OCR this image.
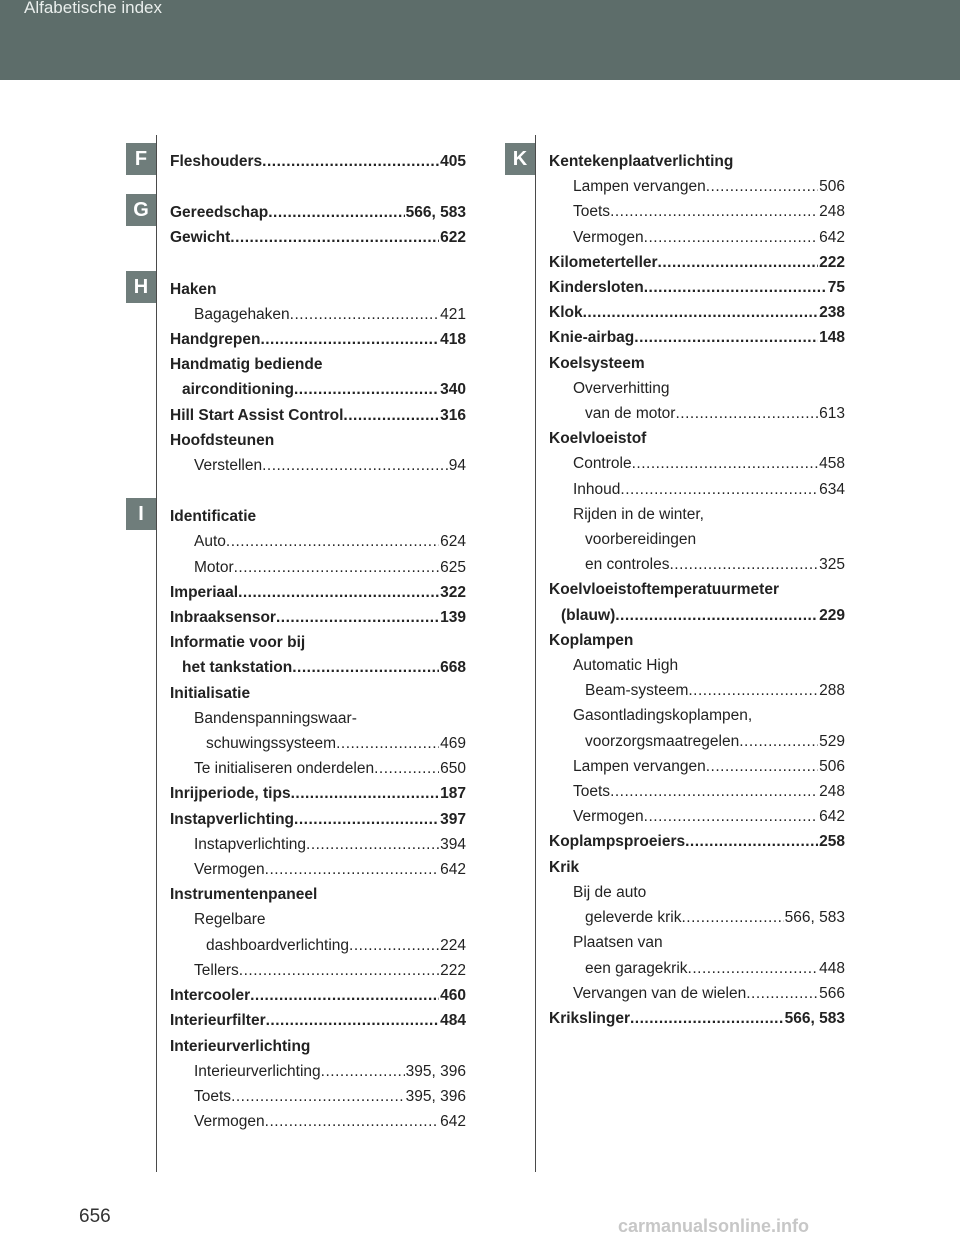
Alfabetische index
Fleshouders .....	405
Gereedschap .....	566, 583
Gewicht .....	622
Haken
Bagagehaken .....	421
Handgrepen .....	418
Handmatig bediende
airconditioning .....	340
Hill Start Assist Control .....	316
Hoofdsteunen
Verstellen .....	94
Identificatie
Auto .....	624
Motor .....	625
Imperiaal .....	322
Inbraaksensor .....	139
Informatie voor bij
het tankstation .....	668
Initialisatie
Bandenspanningswaar-
schuwingssysteem .....	469
Te initialiseren onderdelen .....	650
Inrijperiode, tips .....	187
Instapverlichting .....	397
Instapverlichting .....	394
Vermogen .....	642
Instrumentenpaneel
Regelbare
dashboardverlichting .....	224
Tellers .....	222
Intercooler .....	460
Interieurfilter .....	484
Interieurverlichting
Interieurverlichting .....	395, 396
Toets .....	395, 396
Vermogen .....	642
Kentekenplaatverlichting
Lampen vervangen .....	506
Toets .....	248
Vermogen .....	642
Kilometerteller .....	222
Kindersloten .....	75
Klok .....	238
Knie-airbag .....	148
Koelsysteem
Oververhitting
van de motor .....	613
Koelvloeistof
Controle .....	458
Inhoud .....	634
Rijden in de winter,
voorbereidingen
en controles .....	325
Koelvloeistoftemperatuurmeter
(blauw) .....	229
Koplampen
Automatic High
Beam-systeem .....	288
Gasontladingskoplampen,
voorzorgsmaatregelen .....	529
Lampen vervangen .....	506
Toets .....	248
Vermogen .....	642
Koplampsproeiers .....	258
Krik
Bij de auto
geleverde krik .....	566, 583
Plaatsen van
een garagekrik .....	448
Vervangen van de wielen .....	566
Krikslinger .....	566, 583
F
G
H
I
K
656	carmanualsonline.info
